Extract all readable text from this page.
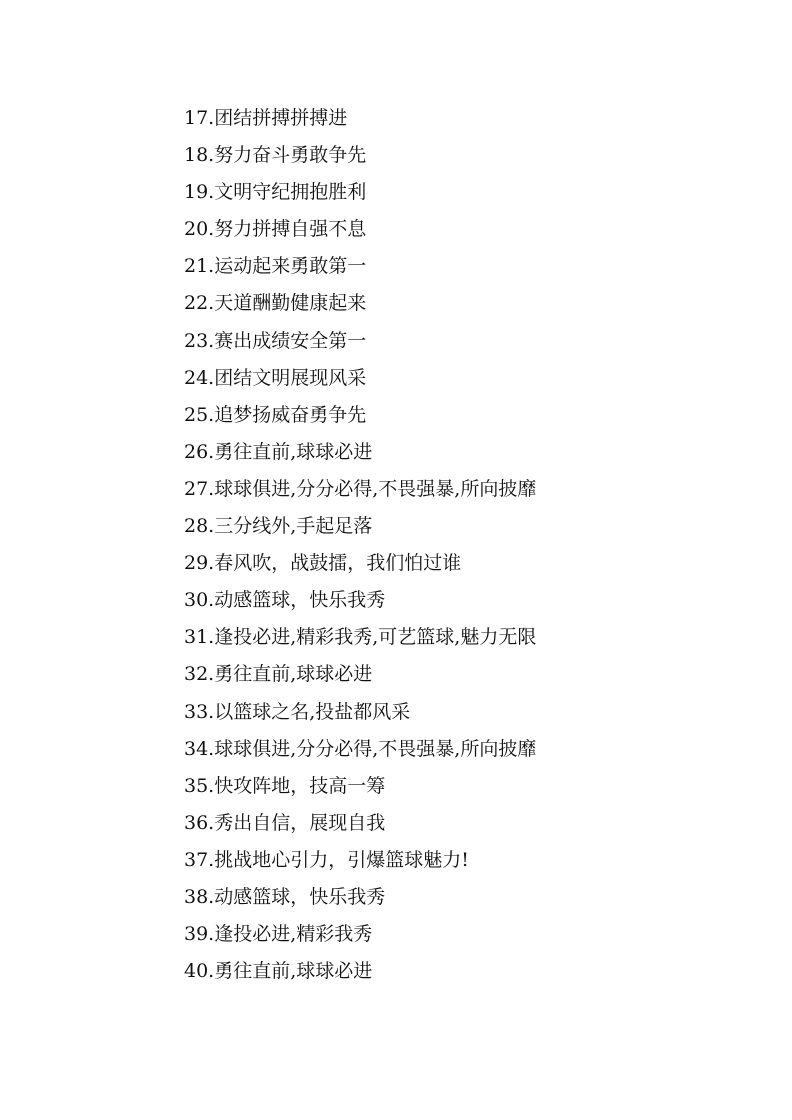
17.团结拼搏拼搏进
18.努力奋斗勇敢争先
19.文明守纪拥抱胜利
20.努力拼搏自强不息
21.运动起来勇敢第一
22.天道酬勤健康起来
23.赛出成绩安全第一
24.团结文明展现风采
25.追梦扬威奋勇争先
26.勇往直前,球球必进
27.球球俱进,分分必得,不畏强暴,所向披靡
28.三分线外,手起足落
29.春风吹，战鼓擂，我们怕过谁
30.动感篮球，快乐我秀
31.逢投必进,精彩我秀,可艺篮球,魅力无限
32.勇往直前,球球必进
33.以篮球之名,投盐都风采
34.球球俱进,分分必得,不畏强暴,所向披靡
35.快攻阵地，技高一筹
36.秀出自信，展现自我
37.挑战地心引力，引爆篮球魅力!
38.动感篮球，快乐我秀
39.逢投必进,精彩我秀
40.勇往直前,球球必进
